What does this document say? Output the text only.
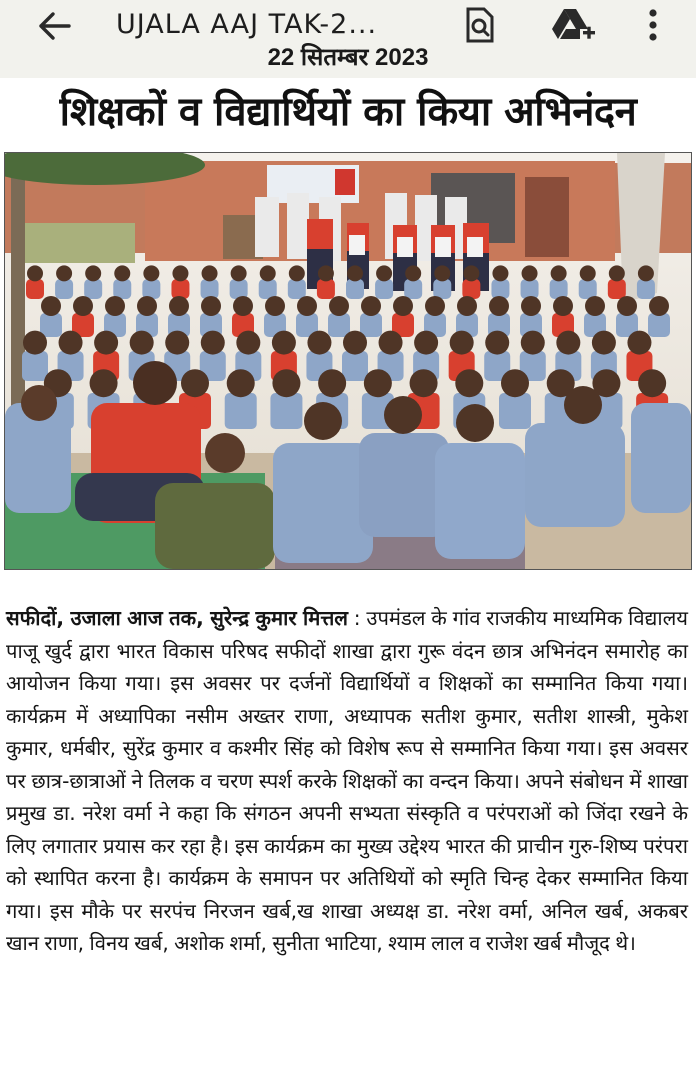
UJALA AAJ TAK-2...
22 सितम्बर 2023
शिक्षकों व विद्यार्थियों का किया अभिनंदन
सफीदों, उजाला आज तक, सुरेन्द्र कुमार मित्तल : उपमंडल के गांव राजकीय माध्यमिक विद्यालय पाजू खुर्द द्वारा भारत विकास परिषद सफीदों शाखा द्वारा गुरू वंदन छात्र अभिनंदन समारोह का आयोजन किया गया। इस अवसर पर दर्जनों विद्यार्थियों व शिक्षकों का सम्मानित किया गया। कार्यक्रम में अध्यापिका नसीम अख्तर राणा, अध्यापक सतीश कुमार, सतीश शास्त्री, मुकेश कुमार, धर्मबीर, सुरेंद्र कुमार व कश्मीर सिंह को विशेष रूप से सम्मानित किया गया। इस अवसर पर छात्र-छात्राओं ने तिलक व चरण स्पर्श करके शिक्षकों का वन्दन किया। अपने संबोधन में शाखा प्रमुख डा. नरेश वर्मा ने कहा कि संगठन अपनी सभ्यता संस्कृति व परंपराओं को जिंदा रखने के लिए लगातार प्रयास कर रहा है। इस कार्यक्रम का मुख्य उद्देश्य भारत की प्राचीन गुरु-शिष्य परंपरा को स्थापित करना है। कार्यक्रम के समापन पर अतिथियों को स्मृति चिन्ह देकर सम्मानित किया गया। इस मौके पर सरपंच निरजन खर्ब,ख शाखा अध्यक्ष डा. नरेश वर्मा, अनिल खर्ब, अकबर खान राणा, विनय खर्ब, अशोक शर्मा, सुनीता भाटिया, श्याम लाल व राजेश खर्ब मौजूद थे।
